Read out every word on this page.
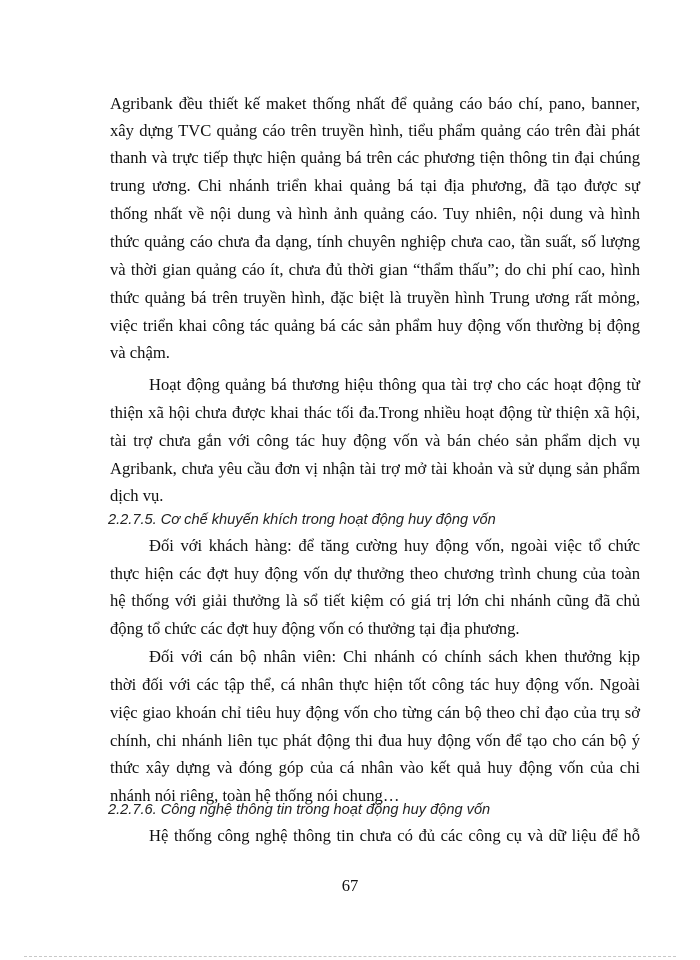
Agribank đều thiết kế maket thống nhất để quảng cáo báo chí, pano, banner,
xây dựng TVC quảng cáo trên truyền hình, tiểu phẩm quảng cáo trên đài phát
thanh và trực tiếp thực hiện quảng bá trên các phương tiện thông tin đại chúng
trung ương. Chi nhánh triển khai quảng bá tại địa phương, đã tạo được sự
thống nhất về nội dung và hình ảnh quảng cáo. Tuy nhiên, nội dung và hình
thức quảng cáo chưa đa dạng, tính chuyên nghiệp chưa cao, tần suất, số lượng
và thời gian quảng cáo ít, chưa đủ thời gian “thẩm thấu”; do chi phí cao, hình
thức quảng bá trên truyền hình, đặc biệt là truyền hình Trung ương rất mỏng,
việc triển khai công tác quảng bá các sản phẩm huy động vốn thường bị động
và chậm.
Hoạt động quảng bá thương hiệu thông qua tài trợ cho các hoạt động từ
thiện xã hội chưa được khai thác tối đa.Trong nhiều hoạt động từ thiện xã hội,
tài trợ chưa gắn với công tác huy động vốn và bán chéo sản phẩm dịch vụ
Agribank, chưa yêu cầu đơn vị nhận tài trợ mở tài khoản và sử dụng sản phẩm
dịch vụ.
2.2.7.5. Cơ chế khuyến khích trong hoạt động huy động vốn
Đối với khách hàng: để tăng cường huy động vốn, ngoài việc tổ chức
thực hiện các đợt huy động vốn dự thưởng theo chương trình chung của toàn
hệ thống với giải thưởng là sổ tiết kiệm có giá trị lớn chi nhánh cũng đã chủ
động tổ chức các đợt huy động vốn có thưởng tại địa phương.
Đối với cán bộ nhân viên: Chi nhánh có chính sách khen thưởng kịp
thời đối với các tập thể, cá nhân thực hiện tốt công tác huy động vốn. Ngoài
việc giao khoán chỉ tiêu huy động vốn cho từng cán bộ theo chỉ đạo của trụ sở
chính, chi nhánh liên tục phát động thi đua huy động vốn để tạo cho cán bộ ý
thức xây dựng và đóng góp của cá nhân vào kết quả huy động vốn của chi
nhánh nói riêng, toàn hệ thống nói chung…
2.2.7.6. Công nghệ thông tin trong hoạt động huy động vốn
Hệ thống công nghệ thông tin chưa có đủ các công cụ và dữ liệu để hỗ
67
